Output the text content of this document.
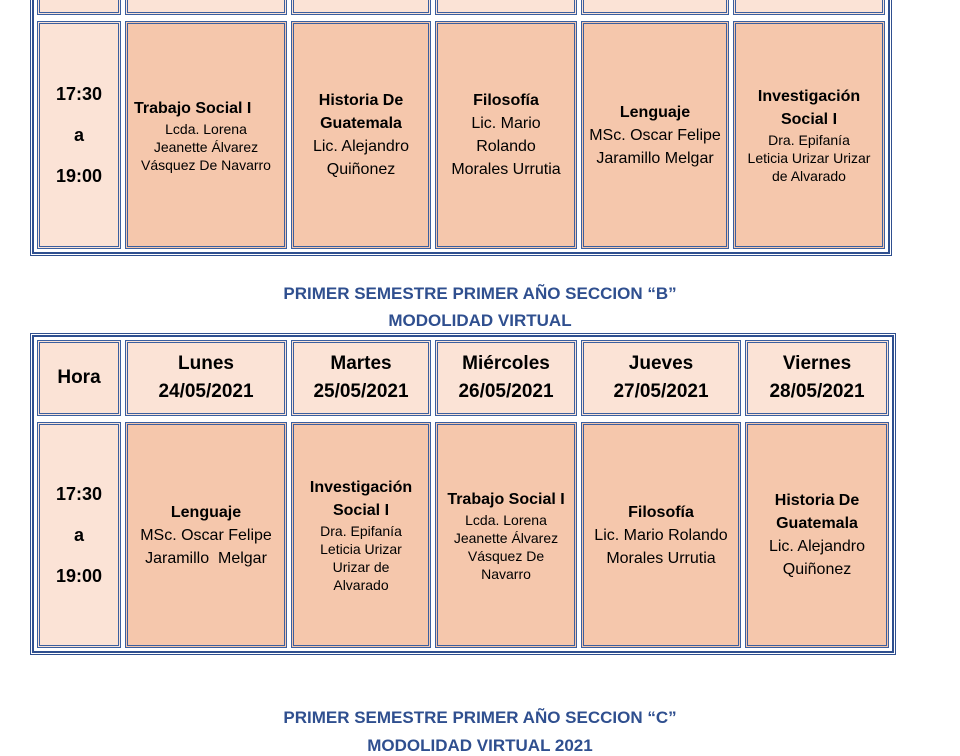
17:30
a
19:00
Trabajo Social I
Lcda. Lorena
Jeanette Álvarez
Vásquez De Navarro
Historia De Guatemala
Lic. Alejandro
Quiñonez
Filosofía
Lic. Mario
Rolando
Morales Urrutia
Lenguaje
MSc. Oscar Felipe
Jaramillo Melgar
Investigación Social I
Dra. Epifanía
Leticia Urizar Urizar
de Alvarado
PRIMER SEMESTRE PRIMER AÑO SECCION “B”
MODOLIDAD VIRTUAL
Hora
Lunes
24/05/2021
Martes
25/05/2021
Miércoles
26/05/2021
Jueves
27/05/2021
Viernes
28/05/2021
17:30
a
19:00
Lenguaje
MSc. Oscar Felipe
Jaramillo  Melgar
Investigación Social I
Dra. Epifanía
Leticia Urizar
Urizar de
Alvarado
Trabajo Social I
Lcda. Lorena
Jeanette Álvarez
Vásquez De
Navarro
Filosofía
Lic. Mario Rolando
Morales Urrutia
Historia De Guatemala
Lic. Alejandro
Quiñonez
PRIMER SEMESTRE PRIMER AÑO SECCION “C”
MODOLIDAD VIRTUAL 2021
